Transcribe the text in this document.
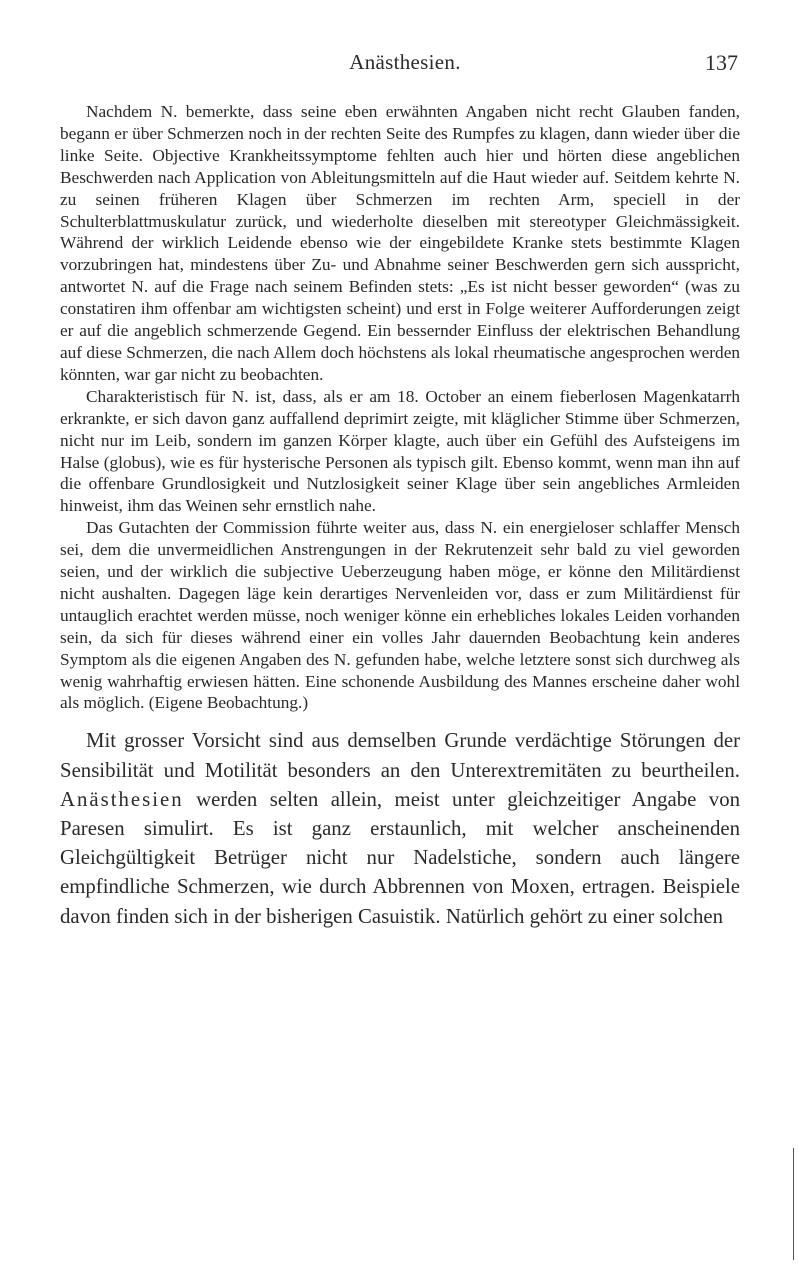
Anästhesien.	137

Nachdem N. bemerkte, dass seine eben erwähnten Angaben nicht recht Glauben fanden, begann er über Schmerzen noch in der rechten Seite des Rumpfes zu klagen, dann wieder über die linke Seite. Objective Krankheitssymptome fehlten auch hier und hörten diese angeblichen Beschwerden nach Application von Ableitungsmitteln auf die Haut wieder auf. Seitdem kehrte N. zu seinen früheren Klagen über Schmerzen im rechten Arm, speciell in der Schulterblattmuskulatur zurück, und wiederholte dieselben mit stereotyper Gleichmässigkeit. Während der wirklich Leidende ebenso wie der eingebildete Kranke stets bestimmte Klagen vorzubringen hat, mindestens über Zu- und Abnahme seiner Beschwerden gern sich ausspricht, antwortet N. auf die Frage nach seinem Befinden stets: „Es ist nicht besser geworden“ (was zu constatiren ihm offenbar am wichtigsten scheint) und erst in Folge weiterer Aufforderungen zeigt er auf die angeblich schmerzende Gegend. Ein bessernder Einfluss der elektrischen Behandlung auf diese Schmerzen, die nach Allem doch höchstens als lokal rheumatische angesprochen werden könnten, war gar nicht zu beobachten.

Charakteristisch für N. ist, dass, als er am 18. October an einem fieberlosen Magenkatarrh erkrankte, er sich davon ganz auffallend deprimirt zeigte, mit kläglicher Stimme über Schmerzen, nicht nur im Leib, sondern im ganzen Körper klagte, auch über ein Gefühl des Aufsteigens im Halse (globus), wie es für hysterische Personen als typisch gilt. Ebenso kommt, wenn man ihn auf die offenbare Grundlosigkeit und Nutzlosigkeit seiner Klage über sein angebliches Armleiden hinweist, ihm das Weinen sehr ernstlich nahe.

Das Gutachten der Commission führte weiter aus, dass N. ein energieloser schlaffer Mensch sei, dem die unvermeidlichen Anstrengungen in der Rekrutenzeit sehr bald zu viel geworden seien, und der wirklich die subjective Ueberzeugung haben möge, er könne den Militärdienst nicht aushalten. Dagegen läge kein derartiges Nervenleiden vor, dass er zum Militärdienst für untauglich erachtet werden müsse, noch weniger könne ein erhebliches lokales Leiden vorhanden sein, da sich für dieses während einer ein volles Jahr dauernden Beobachtung kein anderes Symptom als die eigenen Angaben des N. gefunden habe, welche letztere sonst sich durchweg als wenig wahrhaftig erwiesen hätten. Eine schonende Ausbildung des Mannes erscheine daher wohl als möglich. (Eigene Beobachtung.)

Mit grosser Vorsicht sind aus demselben Grunde verdächtige Störungen der Sensibilität und Motilität besonders an den Unterextremitäten zu beurtheilen. Anästhesien werden selten allein, meist unter gleichzeitiger Angabe von Paresen simulirt. Es ist ganz erstaunlich, mit welcher anscheinenden Gleichgültigkeit Betrüger nicht nur Nadelstiche, sondern auch längere empfindliche Schmerzen, wie durch Abbrennen von Moxen, ertragen. Beispiele davon finden sich in der bisherigen Casuistik. Natürlich gehört zu einer solchen
